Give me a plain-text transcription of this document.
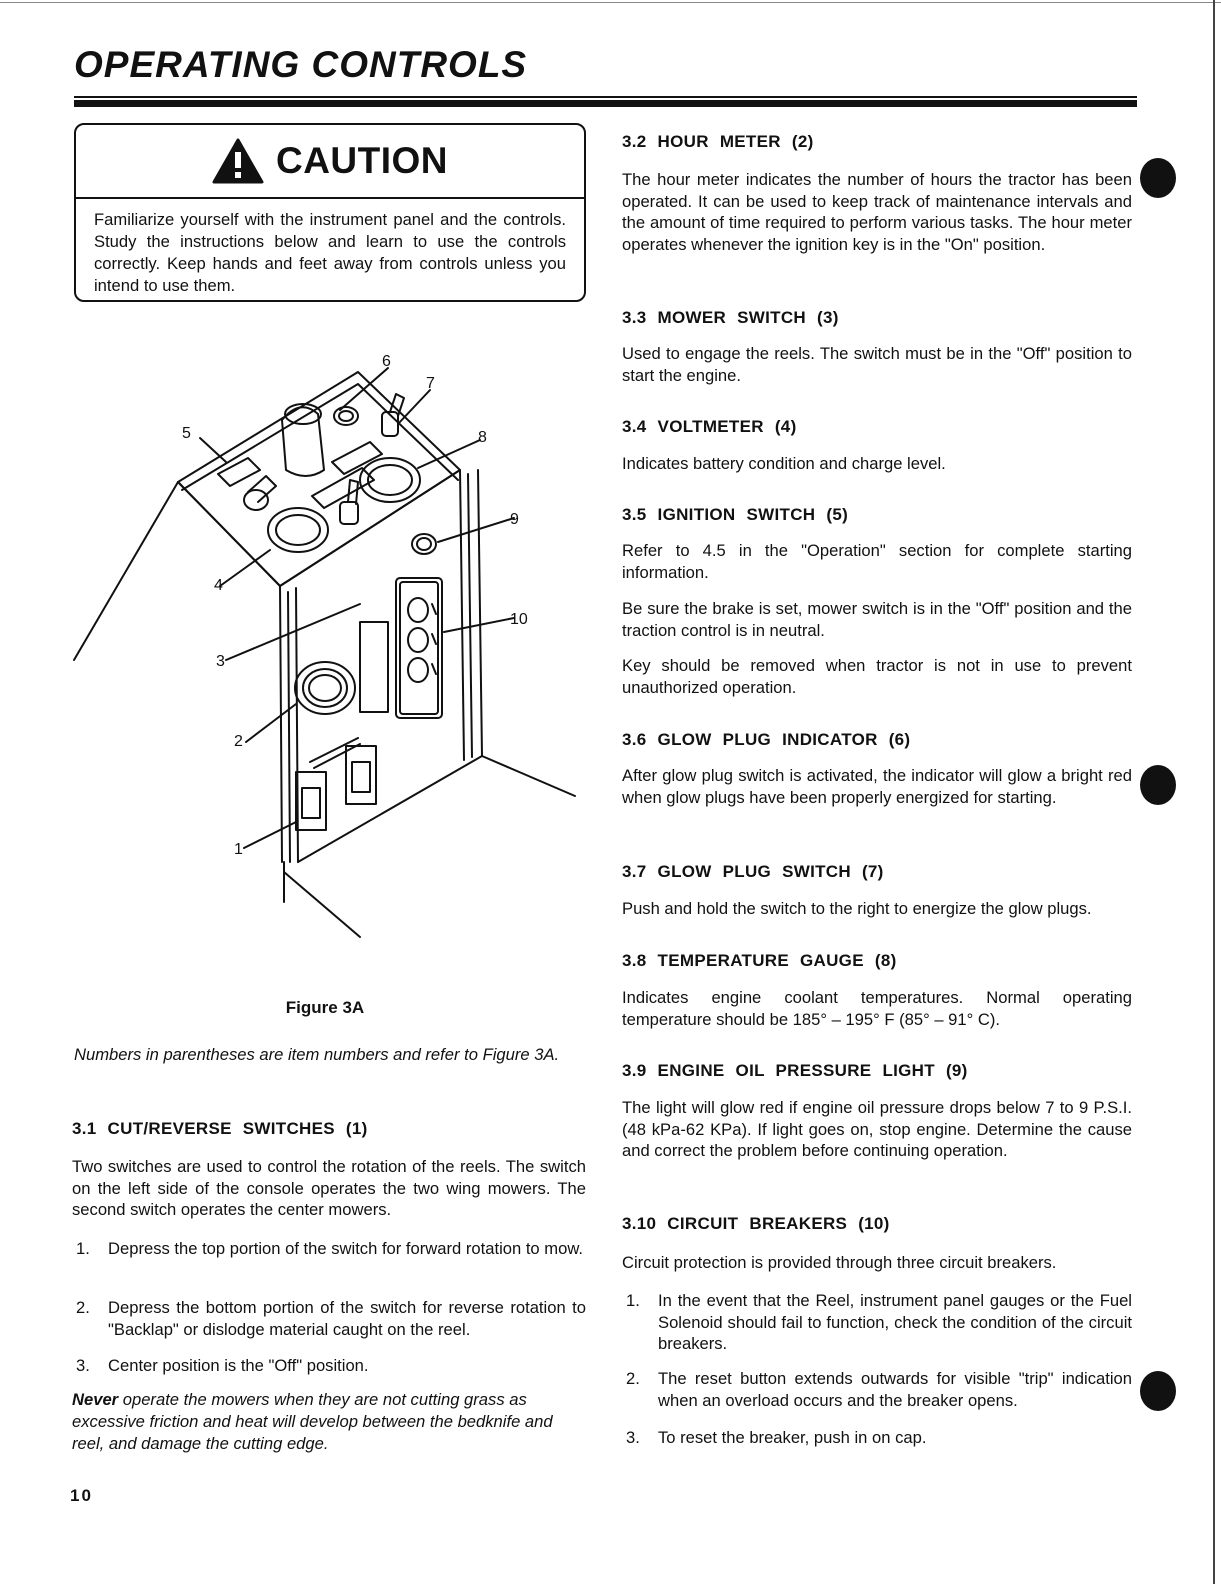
OPERATING CONTROLS
CAUTION
Familiarize yourself with the instrument panel and the controls. Study the instructions below and learn to use the controls correctly. Keep hands and feet away from controls unless you intend to use them.
5
6
7
8
9
10
4
3
2
1
Figure 3A
Numbers in parentheses are item numbers and refer to Figure 3A.
3.1 CUT/REVERSE SWITCHES (1)
Two switches are used to control the rotation of the reels. The switch on the left side of the console operates the two wing mowers. The second switch operates the center mowers.
1. Depress the top portion of the switch for forward rotation to mow.
2. Depress the bottom portion of the switch for reverse rotation to "Backlap" or dislodge material caught on the reel.
3. Center position is the "Off" position.
Never operate the mowers when they are not cutting grass as excessive friction and heat will develop between the bedknife and reel, and damage the cutting edge.
10
3.2 HOUR METER (2)
The hour meter indicates the number of hours the tractor has been operated. It can be used to keep track of maintenance intervals and the amount of time required to perform various tasks. The hour meter operates whenever the ignition key is in the "On" position.
3.3 MOWER SWITCH (3)
Used to engage the reels. The switch must be in the "Off" position to start the engine.
3.4 VOLTMETER (4)
Indicates battery condition and charge level.
3.5 IGNITION SWITCH (5)
Refer to 4.5 in the "Operation" section for complete starting information.
Be sure the brake is set, mower switch is in the "Off" position and the traction control is in neutral.
Key should be removed when tractor is not in use to prevent unauthorized operation.
3.6 GLOW PLUG INDICATOR (6)
After glow plug switch is activated, the indicator will glow a bright red when glow plugs have been properly energized for starting.
3.7 GLOW PLUG SWITCH (7)
Push and hold the switch to the right to energize the glow plugs.
3.8 TEMPERATURE GAUGE (8)
Indicates engine coolant temperatures. Normal operating temperature should be 185° – 195° F (85° – 91° C).
3.9 ENGINE OIL PRESSURE LIGHT (9)
The light will glow red if engine oil pressure drops below 7 to 9 P.S.I. (48 kPa-62 KPa). If light goes on, stop engine. Determine the cause and correct the problem before continuing operation.
3.10 CIRCUIT BREAKERS (10)
Circuit protection is provided through three circuit breakers.
1. In the event that the Reel, instrument panel gauges or the Fuel Solenoid should fail to function, check the condition of the circuit breakers.
2. The reset button extends outwards for visible "trip" indication when an overload occurs and the breaker opens.
3. To reset the breaker, push in on cap.
